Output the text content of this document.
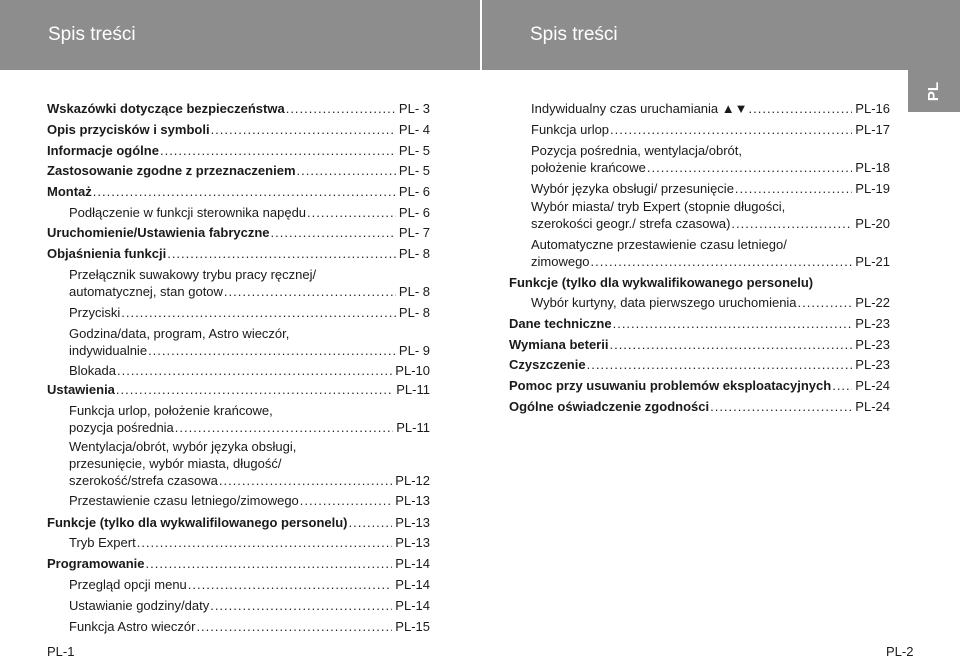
Spis treści	Spis treści
PL
Wskazówki dotyczące bezpieczeństwa .....	PL- 3
Opis przycisków i symboli .....	PL- 4
Informacje ogólne .....	PL- 5
Zastosowanie zgodne z przeznaczeniem .....	PL- 5
Montaż .....	PL- 6
Podłączenie w funkcji sterownika napędu .....	PL- 6
Uruchomienie/Ustawienia fabryczne .....	PL- 7
Objaśnienia funkcji .....	PL- 8
Przełącznik suwakowy trybu pracy ręcznej/
automatycznej, stan gotow .....	PL- 8
Przyciski .....	PL- 8
Godzina/data, program, Astro wieczór,
indywidualnie .....	PL- 9
Blokada .....	PL-10
Ustawienia .....	PL-11
Funkcja urlop, położenie krańcowe,
pozycja pośrednia .....	PL-11
Wentylacja/obrót, wybór języka obsługi,
przesunięcie, wybór miasta, długość/
szerokość/strefa czasowa .....	PL-12
Przestawienie czasu letniego/zimowego .....	PL-13
Funkcje (tylko dla wykwalifilowanego personelu) .....	PL-13
Tryb Expert .....	PL-13
Programowanie .....	PL-14
Przegląd opcji menu .....	PL-14
Ustawianie godziny/daty .....	PL-14
Funkcja Astro wieczór .....	PL-15
Indywidualny czas uruchamiania ▲▼ .....	PL-16
Funkcja urlop .....	PL-17
Pozycja pośrednia, wentylacja/obrót,
położenie krańcowe .....	PL-18
Wybór języka obsługi/ przesunięcie .....	PL-19
Wybór miasta/ tryb Expert (stopnie długości,
szerokości geogr./ strefa czasowa) .....	PL-20
Automatyczne przestawienie czasu letniego/
zimowego .....	PL-21
Funkcje (tylko dla wykwalifikowanego personelu)
Wybór kurtyny, data pierwszego uruchomienia .....	PL-22
Dane techniczne .....	PL-23
Wymiana beterii .....	PL-23
Czyszczenie .....	PL-23
Pomoc przy usuwaniu problemów eksploatacyjnych ..... PL-24
Ogólne oświadczenie zgodności .....	PL-24
PL-1	PL-2
